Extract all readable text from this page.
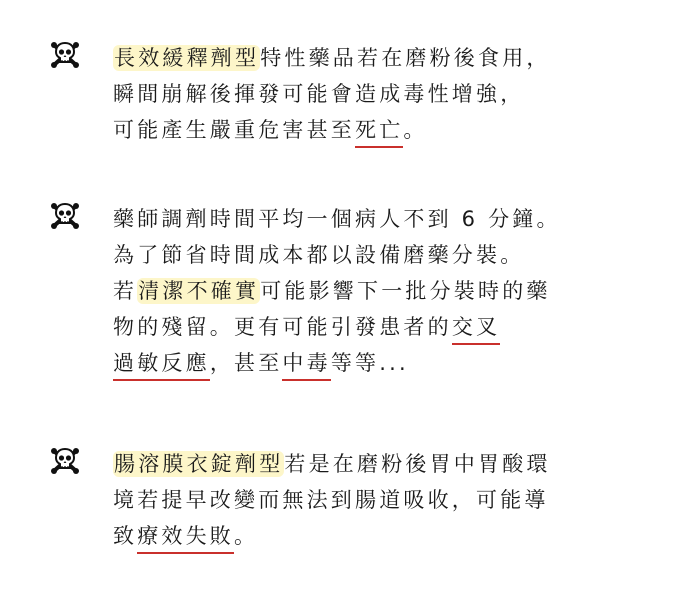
長效緩釋劑型特性藥品若在磨粉後食用，
瞬間崩解後揮發可能會造成毒性增強，
可能產生嚴重危害甚至死亡。
藥師調劑時間平均一個病人不到 6 分鐘。
為了節省時間成本都以設備磨藥分裝。
若清潔不確實可能影響下一批分裝時的藥
物的殘留。更有可能引發患者的交叉
過敏反應，甚至中毒等等...
腸溶膜衣錠劑型若是在磨粉後胃中胃酸環
境若提早改變而無法到腸道吸收，可能導
致療效失敗。
